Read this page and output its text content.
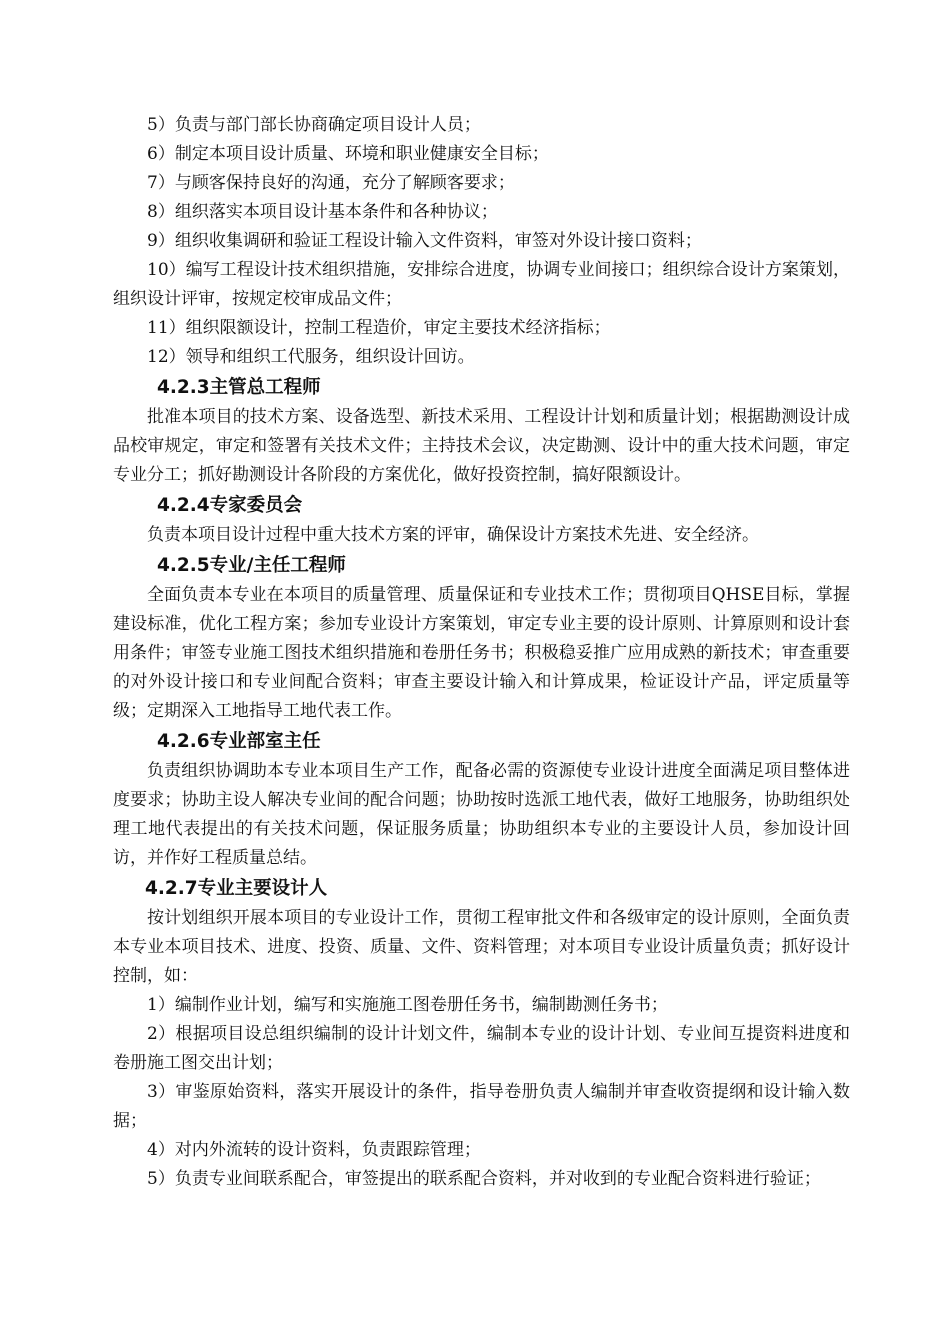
5）负责与部门部长协商确定项目设计人员；
6）制定本项目设计质量、环境和职业健康安全目标；
7）与顾客保持良好的沟通，充分了解顾客要求；
8）组织落实本项目设计基本条件和各种协议；
9）组织收集调研和验证工程设计输入文件资料，审签对外设计接口资料；

10）编写工程设计技术组织措施，安排综合进度，协调专业间接口；组织综合设计方案策划，组织设计评审，按规定校审成品文件；

11）组织限额设计，控制工程造价，审定主要技术经济指标；
12）领导和组织工代服务，组织设计回访。
4.2.3主管总工程师

批准本项目的技术方案、设备选型、新技术采用、工程设计计划和质量计划；根据勘测设计成品校审规定，审定和签署有关技术文件；主持技术会议，决定勘测、设计中的重大技术问题，审定专业分工；抓好勘测设计各阶段的方案优化，做好投资控制，搞好限额设计。

4.2.4专家委员会

负责本项目设计过程中重大技术方案的评审，确保设计方案技术先进、安全经济。

4.2.5专业/主任工程师

全面负责本专业在本项目的质量管理、质量保证和专业技术工作；贯彻项目QHSE目标，掌握建设标准，优化工程方案；参加专业设计方案策划，审定专业主要的设计原则、计算原则和设计套用条件；审签专业施工图技术组织措施和卷册任务书；积极稳妥推广应用成熟的新技术；审查重要的对外设计接口和专业间配合资料；审查主要设计输入和计算成果，检证设计产品，评定质量等级；定期深入工地指导工地代表工作。

4.2.6专业部室主任

负责组织协调助本专业本项目生产工作，配备必需的资源使专业设计进度全面满足项目整体进度要求；协助主设人解决专业间的配合问题；协助按时选派工地代表，做好工地服务，协助组织处理工地代表提出的有关技术问题，保证服务质量；协助组织本专业的主要设计人员，参加设计回访，并作好工程质量总结。

4.2.7专业主要设计人

按计划组织开展本项目的专业设计工作，贯彻工程审批文件和各级审定的设计原则，全面负责本专业本项目技术、进度、投资、质量、文件、资料管理；对本项目专业设计质量负责；抓好设计控制，如：

1）编制作业计划，编写和实施施工图卷册任务书，编制勘测任务书；

2）根据项目设总组织编制的设计计划文件，编制本专业的设计计划、专业间互提资料进度和卷册施工图交出计划；

3）审鉴原始资料，落实开展设计的条件，指导卷册负责人编制并审查收资提纲和设计输入数据；

4）对内外流转的设计资料，负责跟踪管理；

5）负责专业间联系配合，审签提出的联系配合资料，并对收到的专业配合资料进行验证；
